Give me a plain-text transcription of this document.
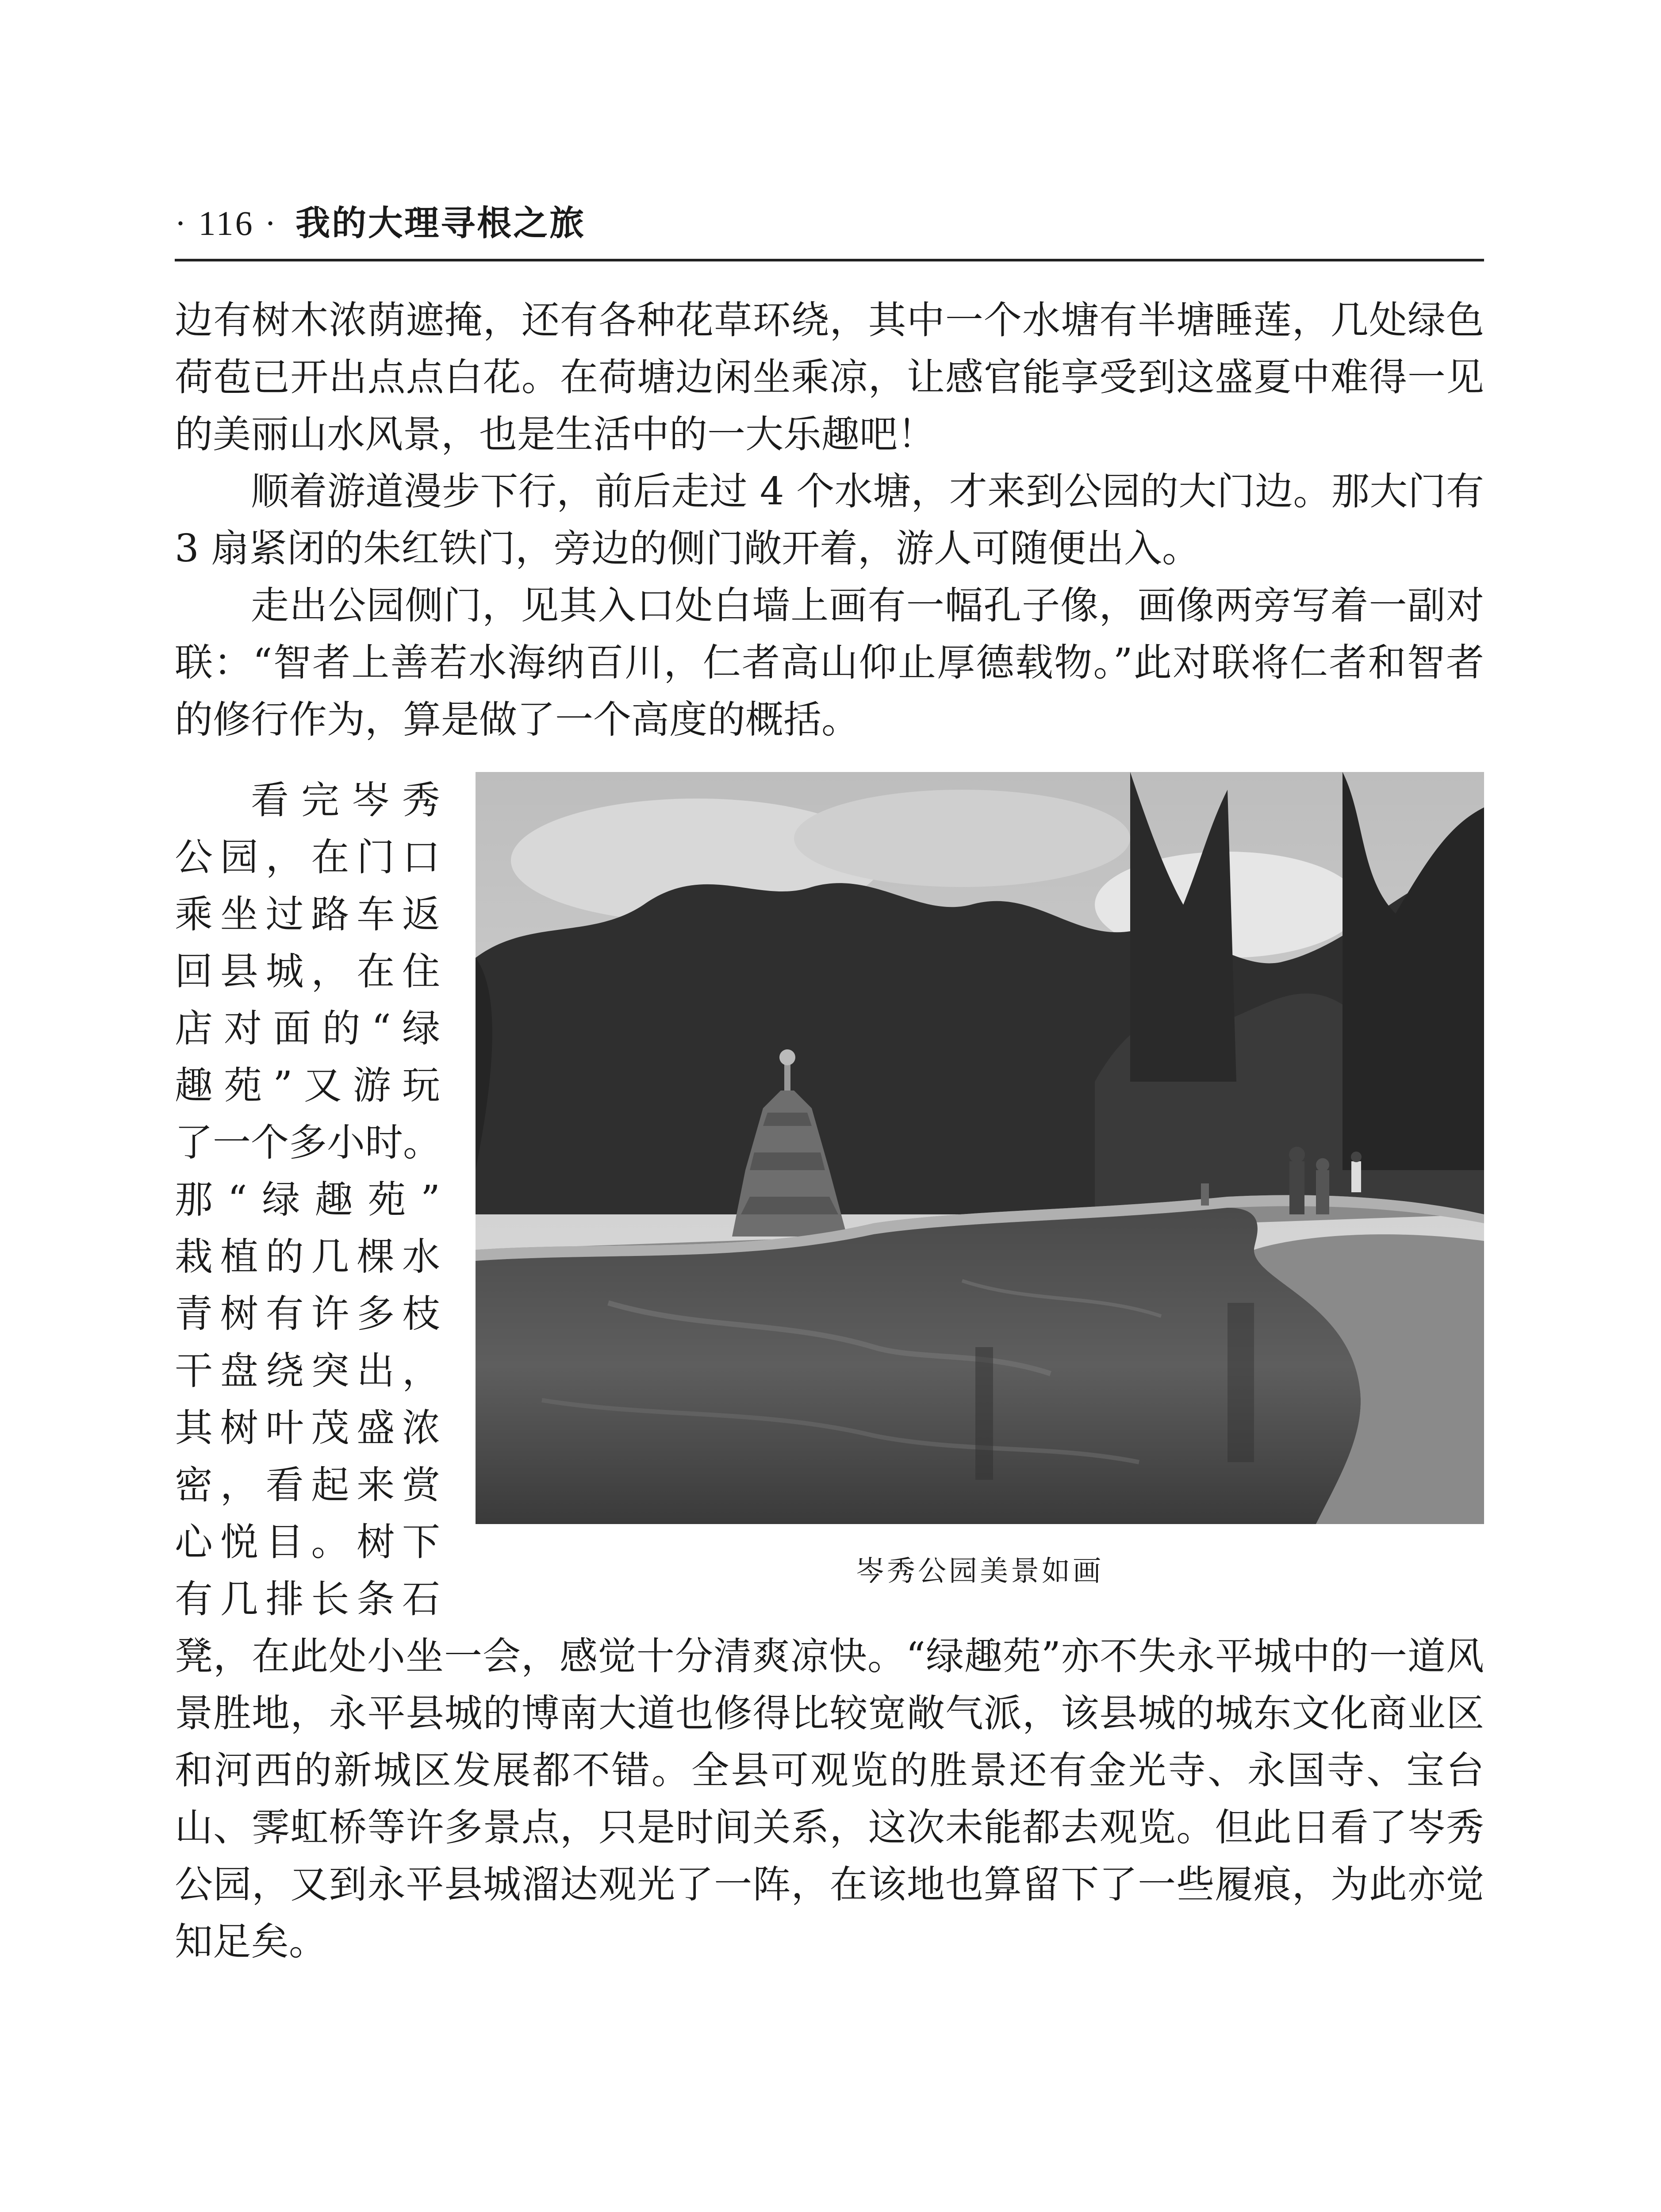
· 116 · 我的大理寻根之旅

边有树木浓荫遮掩，还有各种花草环绕，其中一个水塘有半塘睡莲，几处绿色荷苞已开出点点白花。在荷塘边闲坐乘凉，让感官能享受到这盛夏中难得一见的美丽山水风景，也是生活中的一大乐趣吧！

顺着游道漫步下行，前后走过 4 个水塘，才来到公园的大门边。那大门有 3 扇紧闭的朱红铁门，旁边的侧门敞开着，游人可随便出入。

走出公园侧门，见其入口处白墙上画有一幅孔子像，画像两旁写着一副对联：“智者上善若水海纳百川，仁者高山仰止厚德载物。”此对联将仁者和智者的修行作为，算是做了一个高度的概括。

看完岑秀
公园，在门口
乘坐过路车返
回县城，在住
店对面的“绿
趣苑”又游玩
了一个多小时。
那“绿趣苑”
栽植的几棵水
青树有许多枝
干盘绕突出，
其树叶茂盛浓
密，看起来赏
心悦目。树下
有几排长条石
岑秀公园美景如画

凳，在此处小坐一会，感觉十分清爽凉快。“绿趣苑”亦不失永平城中的一道风景胜地，永平县城的博南大道也修得比较宽敞气派，该县城的城东文化商业区和河西的新城区发展都不错。全县可观览的胜景还有金光寺、永国寺、宝台山、霁虹桥等许多景点，只是时间关系，这次未能都去观览。但此日看了岑秀公园，又到永平县城溜达观光了一阵，在该地也算留下了一些履痕，为此亦觉知足矣。
